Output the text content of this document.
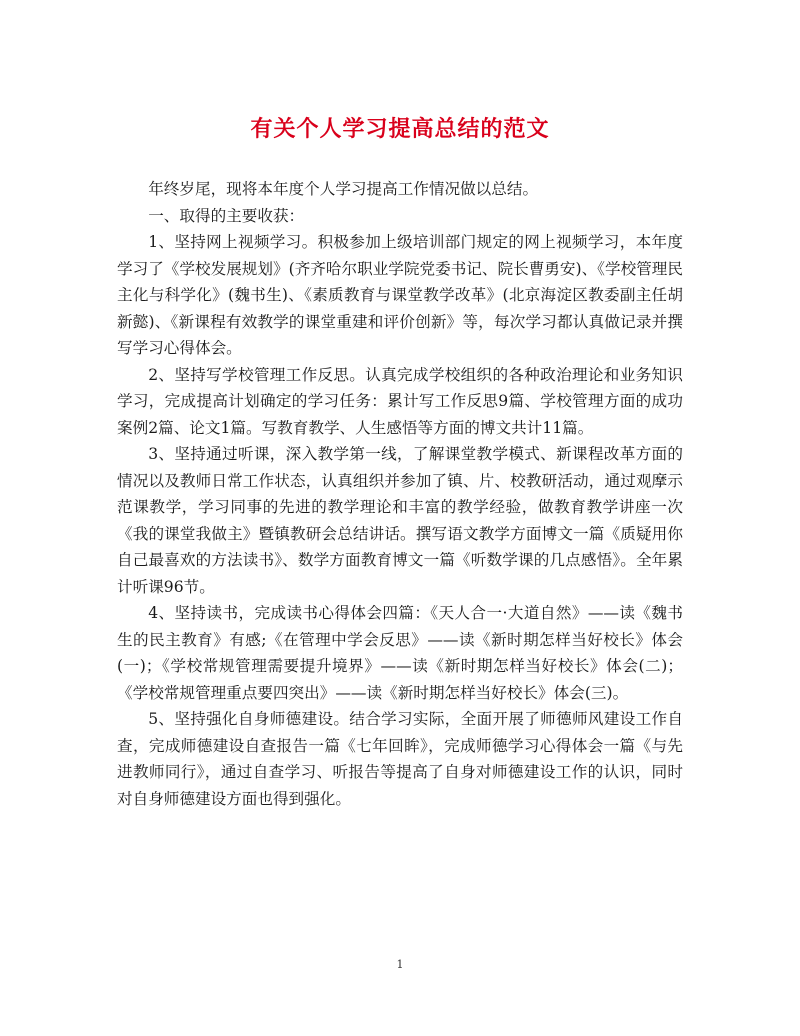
有关个人学习提高总结的范文

年终岁尾，现将本年度个人学习提高工作情况做以总结。

一、取得的主要收获：

1、坚持网上视频学习。积极参加上级培训部门规定的网上视频学习，本年度学习了《学校发展规划》(齐齐哈尔职业学院党委书记、院长曹勇安)、《学校管理民主化与科学化》(魏书生)、《素质教育与课堂教学改革》(北京海淀区教委副主任胡新懿)、《新课程有效教学的课堂重建和评价创新》等，每次学习都认真做记录并撰写学习心得体会。

2、坚持写学校管理工作反思。认真完成学校组织的各种政治理论和业务知识学习，完成提高计划确定的学习任务：累计写工作反思9篇、学校管理方面的成功案例2篇、论文1篇。写教育教学、人生感悟等方面的博文共计11篇。

3、坚持通过听课，深入教学第一线，了解课堂教学模式、新课程改革方面的情况以及教师日常工作状态，认真组织并参加了镇、片、校教研活动，通过观摩示范课教学，学习同事的先进的教学理论和丰富的教学经验，做教育教学讲座一次《我的课堂我做主》暨镇教研会总结讲话。撰写语文教学方面博文一篇《质疑用你自己最喜欢的方法读书》、数学方面教育博文一篇《听数学课的几点感悟》。全年累计听课96节。

4、坚持读书，完成读书心得体会四篇：《天人合一·大道自然》——读《魏书生的民主教育》有感;《在管理中学会反思》——读《新时期怎样当好校长》体会(一)；《学校常规管理需要提升境界》——读《新时期怎样当好校长》体会(二)；《学校常规管理重点要四突出》——读《新时期怎样当好校长》体会(三)。

5、坚持强化自身师德建设。结合学习实际，全面开展了师德师风建设工作自查，完成师德建设自查报告一篇《七年回眸》，完成师德学习心得体会一篇《与先进教师同行》，通过自查学习、听报告等提高了自身对师德建设工作的认识，同时对自身师德建设方面也得到强化。

1
